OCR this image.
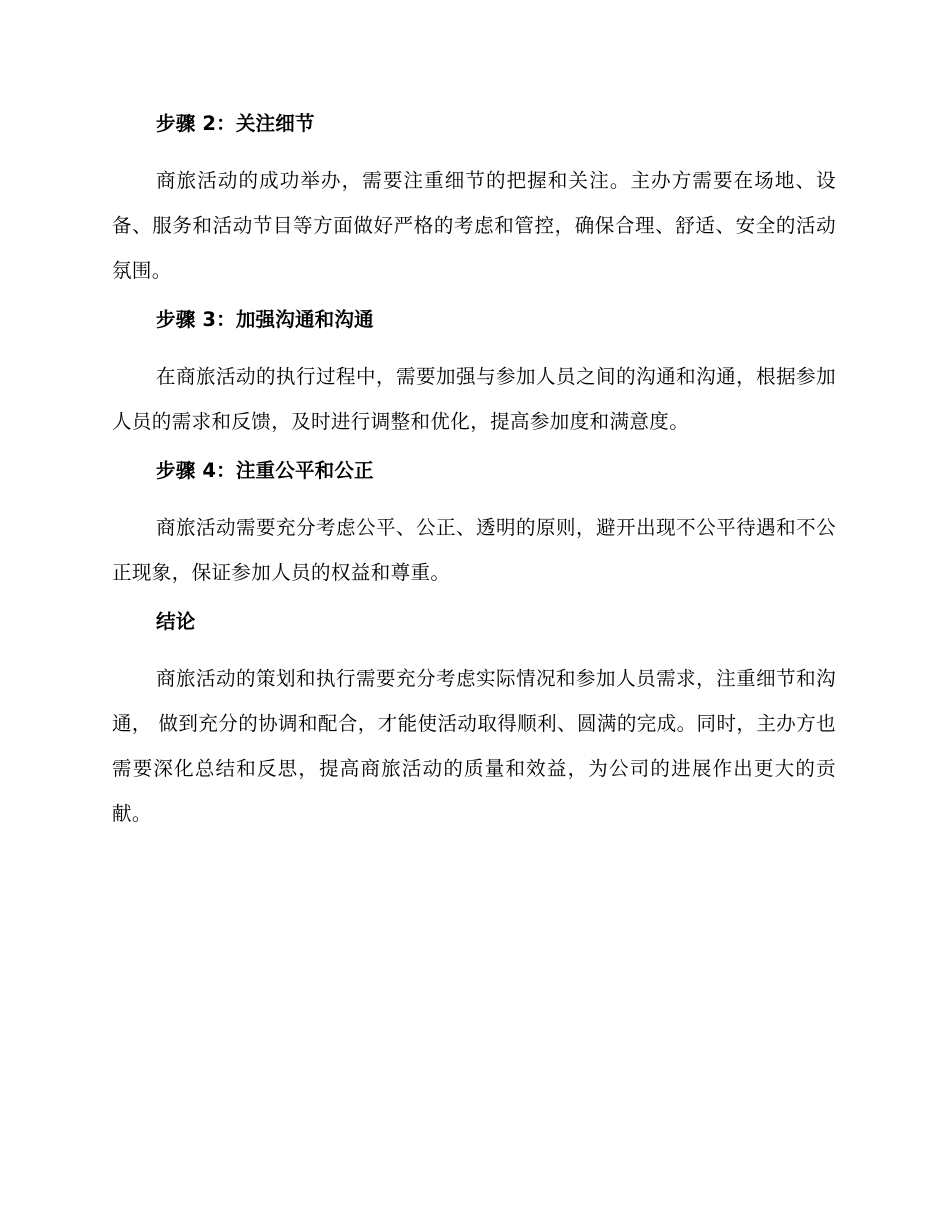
步骤 2：关注细节

商旅活动的成功举办，需要注重细节的把握和关注。主办方需要在场地、设备、服务和活动节目等方面做好严格的考虑和管控，确保合理、舒适、安全的活动氛围。

步骤 3：加强沟通和沟通

在商旅活动的执行过程中，需要加强与参加人员之间的沟通和沟通，根据参加人员的需求和反馈，及时进行调整和优化，提高参加度和满意度。

步骤 4：注重公平和公正

商旅活动需要充分考虑公平、公正、透明的原则，避开出现不公平待遇和不公正现象，保证参加人员的权益和尊重。

结论

商旅活动的策划和执行需要充分考虑实际情况和参加人员需求，注重细节和沟通， 做到充分的协调和配合，才能使活动取得顺利、圆满的完成。同时，主办方也需要深化总结和反思，提高商旅活动的质量和效益，为公司的进展作出更大的贡献。
